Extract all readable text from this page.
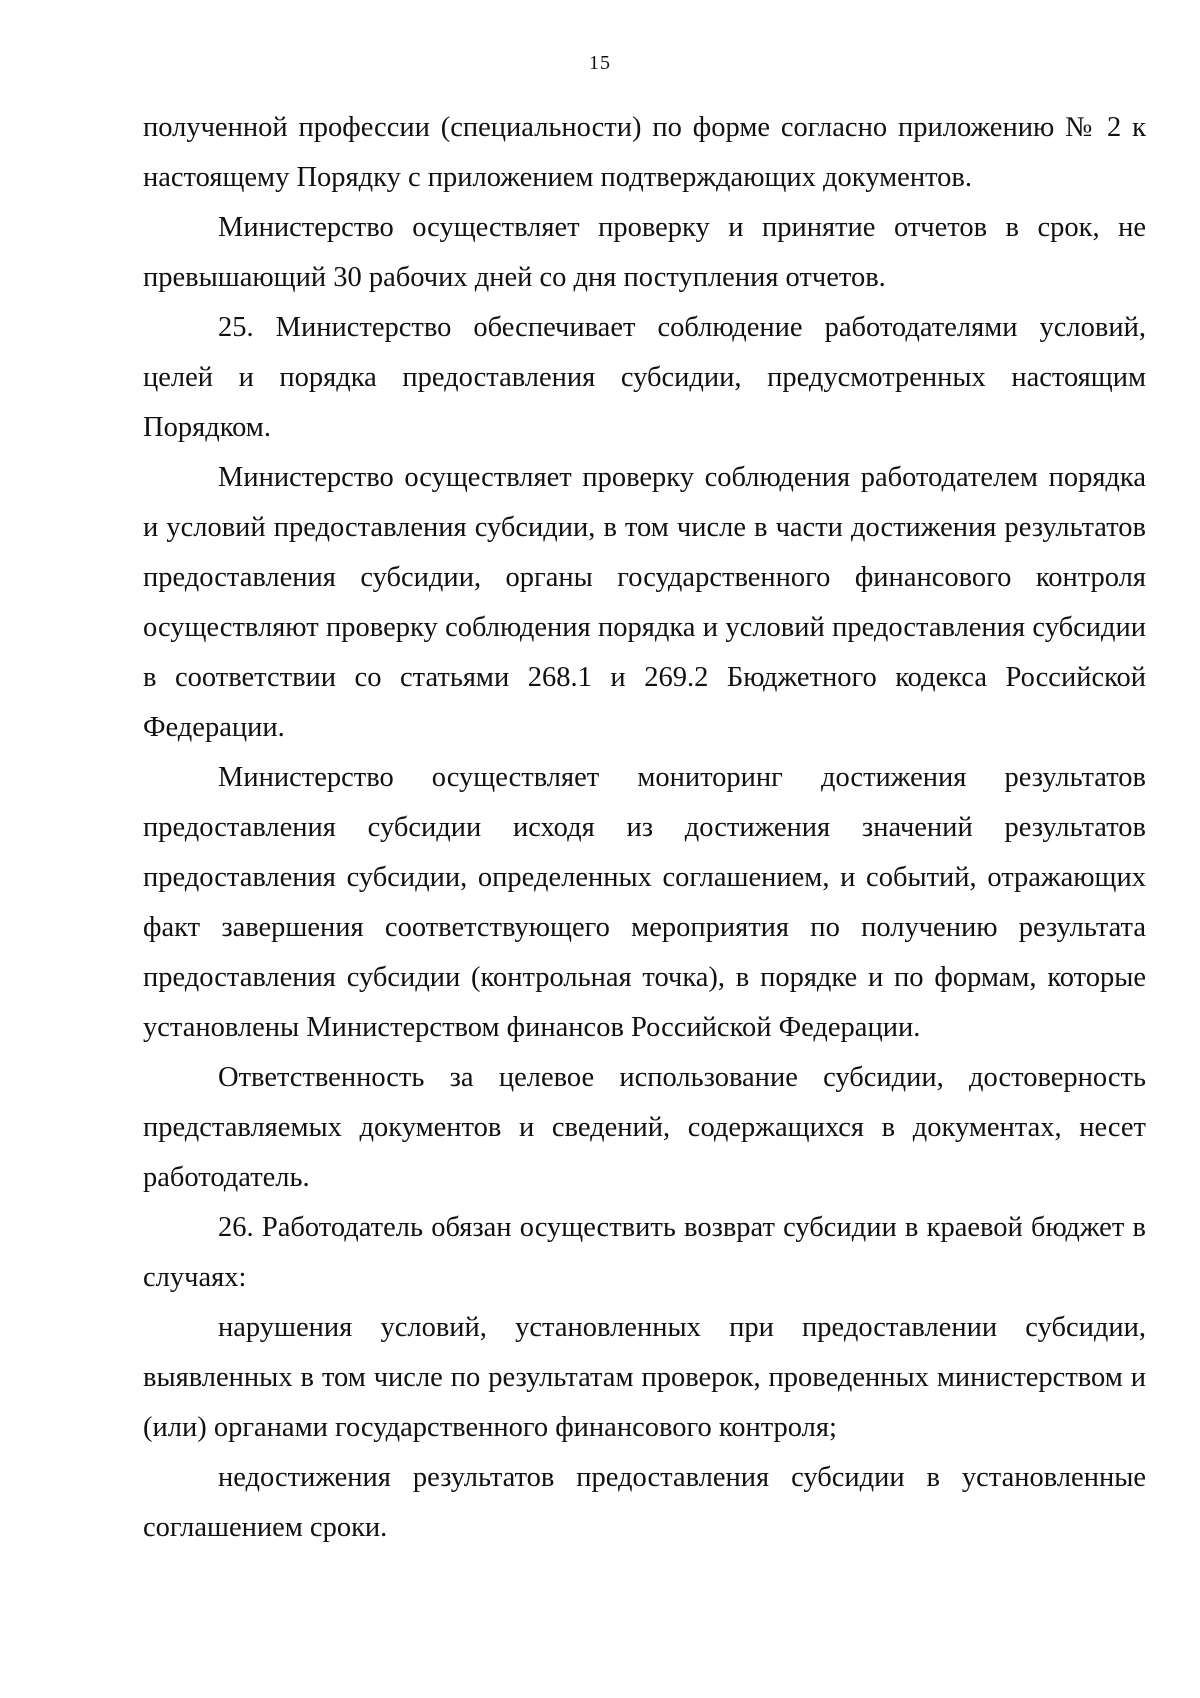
15

полученной профессии (специальности) по форме согласно приложению № 2 к настоящему Порядку с приложением подтверждающих документов.

Министерство осуществляет проверку и принятие отчетов в срок, не превышающий 30 рабочих дней со дня поступления отчетов.

25. Министерство обеспечивает соблюдение работодателями условий, целей и порядка предоставления субсидии, предусмотренных настоящим Порядком.

Министерство осуществляет проверку соблюдения работодателем порядка и условий предоставления субсидии, в том числе в части достижения результатов предоставления субсидии, органы государственного финансового контроля осуществляют проверку соблюдения порядка и условий предоставления субсидии в соответствии со статьями 268.1 и 269.2 Бюджетного кодекса Российской Федерации.

Министерство осуществляет мониторинг достижения результатов предоставления субсидии исходя из достижения значений результатов предоставления субсидии, определенных соглашением, и событий, отражающих факт завершения соответствующего мероприятия по получению результата предоставления субсидии (контрольная точка), в порядке и по формам, которые установлены Министерством финансов Российской Федерации.

Ответственность за целевое использование субсидии, достоверность представляемых документов и сведений, содержащихся в документах, несет работодатель.

26. Работодатель обязан осуществить возврат субсидии в краевой бюджет в случаях:

нарушения условий, установленных при предоставлении субсидии, выявленных в том числе по результатам проверок, проведенных министерством и (или) органами государственного финансового контроля;

недостижения результатов предоставления субсидии в установленные соглашением сроки.
